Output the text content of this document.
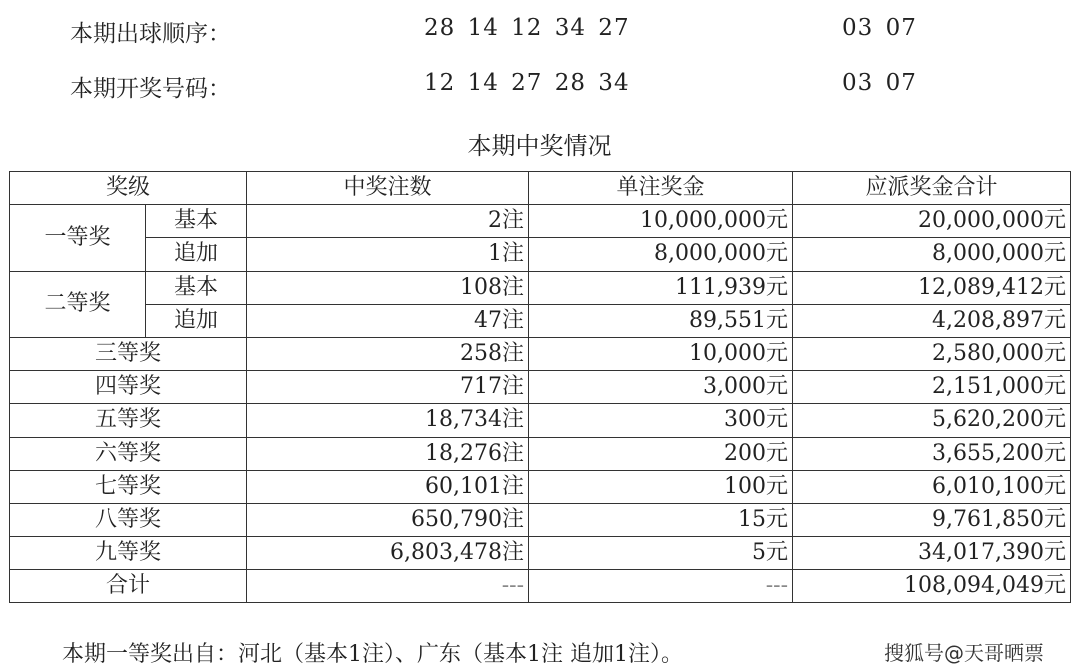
本期出球顺序：	28 14 12 34 27	03 07
本期开奖号码：	12 14 27 28 34	03 07
本期中奖情况
奖级		中奖注数	单注奖金	应派奖金合计
一等奖	基本	2注	10,000,000元	20,000,000元
	追加	1注	8,000,000元	8,000,000元
二等奖	基本	108注	111,939元	12,089,412元
	追加	47注	89,551元	4,208,897元
三等奖		258注	10,000元	2,580,000元
四等奖		717注	3,000元	2,151,000元
五等奖		18,734注	300元	5,620,200元
六等奖		18,276注	200元	3,655,200元
七等奖		60,101注	100元	6,010,100元
八等奖		650,790注	15元	9,761,850元
九等奖		6,803,478注	5元	34,017,390元
合计		---	---	108,094,049元
本期一等奖出自：河北（基本1注）、广东（基本1注 追加1注）。	搜狐号@天哥晒票
